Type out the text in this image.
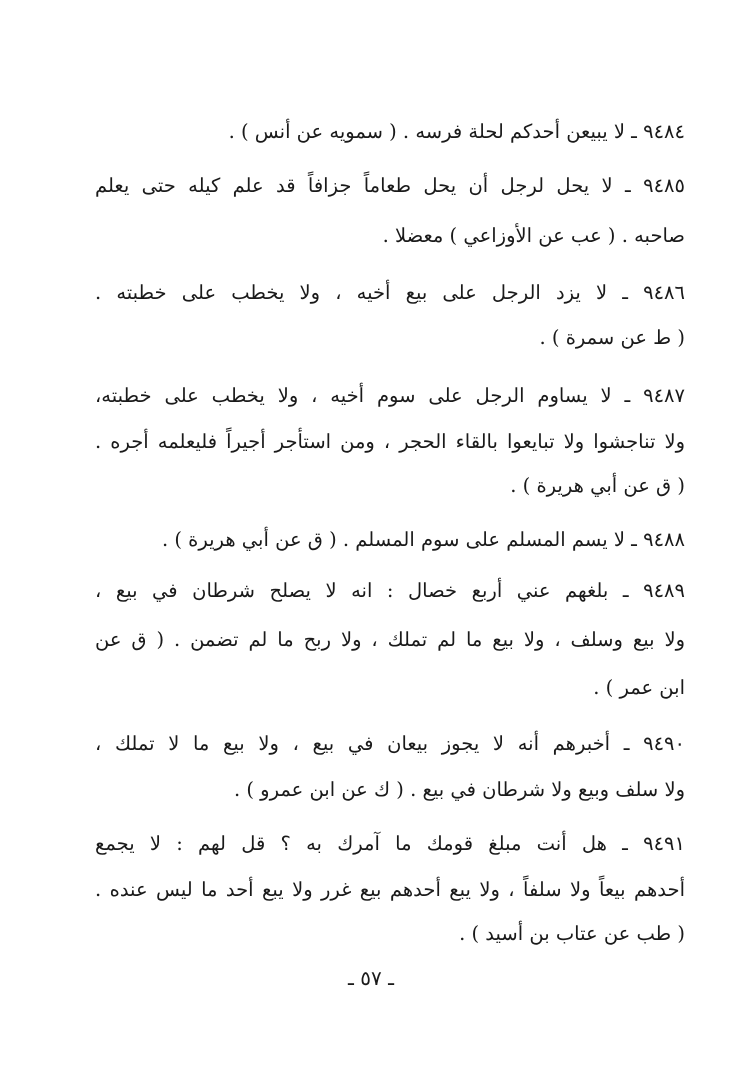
٩٤٨٤ ـ لا يبيعن أحدكم لحلة فرسه . ( سمويه عن أنس ) .
٩٤٨٥ ـ لا يحل لرجل أن يحل طعاماً جزافاً قد علم كيله حتى يعلم
صاحبه . ( عب عن الأوزاعي ) معضلا .
٩٤٨٦ ـ لا يزد الرجل على بيع أخيه ، ولا يخطب على خطبته .
( ط عن سمرة ) .
٩٤٨٧ ـ لا يساوم الرجل على سوم أخيه ، ولا يخطب على خطبته،
ولا تناجشوا ولا تبايعوا بالقاء الحجر ، ومن استأجر أجيراً فليعلمه أجره .
( ق عن أبي هريرة ) .
٩٤٨٨ ـ لا يسم المسلم على سوم المسلم . ( ق عن أبي هريرة ) .
٩٤٨٩ ـ بلغهم عني أربع خصال : انه لا يصلح شرطان في بيع ،
ولا بيع وسلف ، ولا بيع ما لم تملك ، ولا ربح ما لم تضمن . ( ق عن
ابن عمر ) .
٩٤٩٠ ـ أخبرهم أنه لا يجوز بيعان في بيع ، ولا بيع ما لا تملك ،
ولا سلف وبيع ولا شرطان في بيع . ( ك عن ابن عمرو ) .
٩٤٩١ ـ هل أنت مبلغ قومك ما آمرك به ؟ قل لهم : لا يجمع
أحدهم بيعاً ولا سلفاً ، ولا يبع أحدهم بيع غرر ولا يبع أحد ما ليس عنده .
( طب عن عتاب بن أسيد ) .
ـ ٥٧ ـ
